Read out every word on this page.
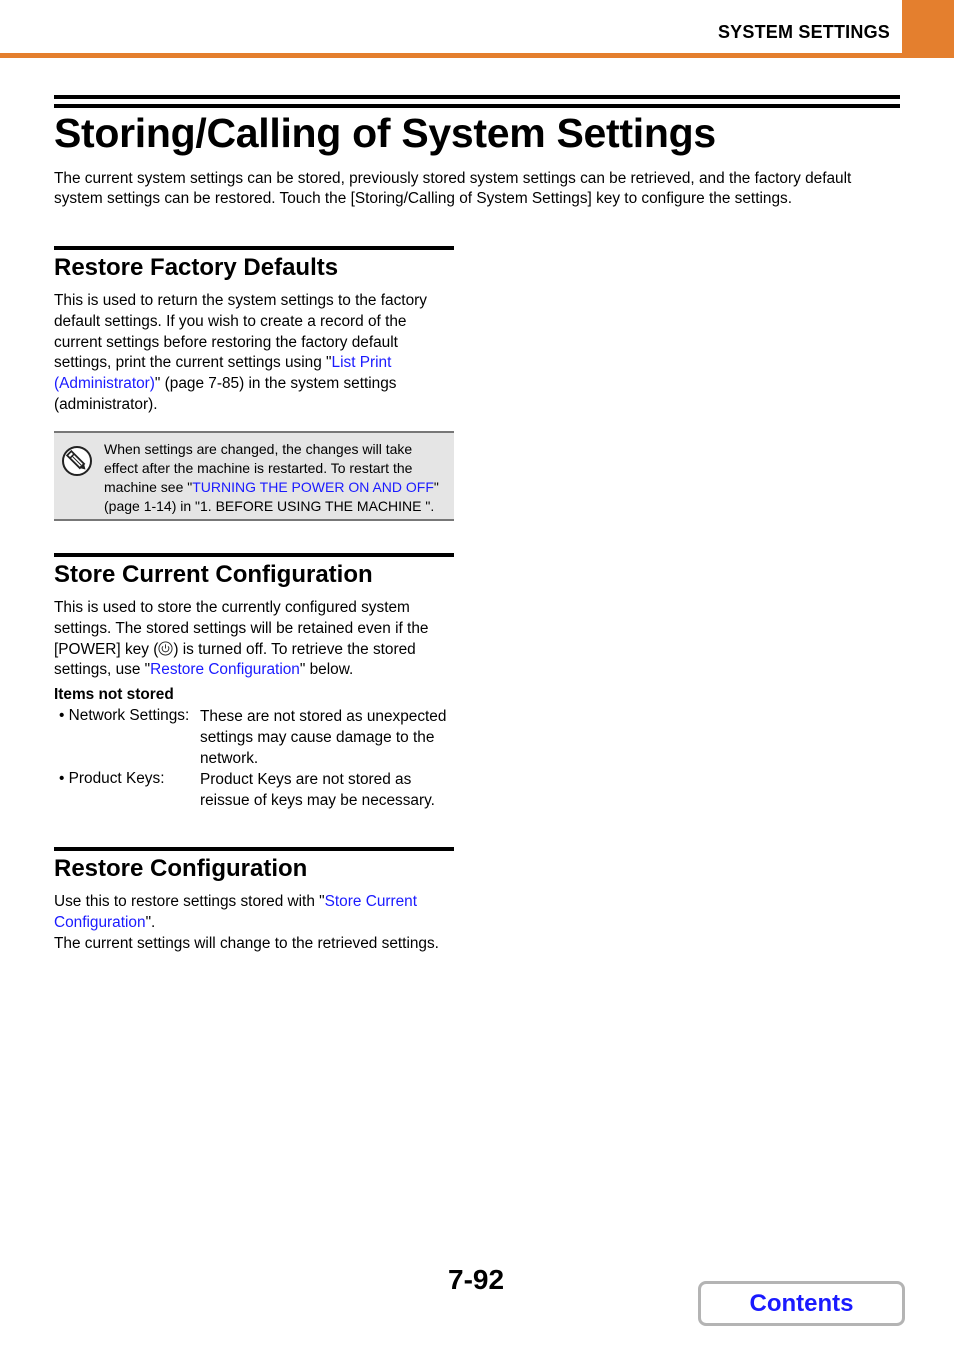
SYSTEM SETTINGS
Storing/Calling of System Settings

The current system settings can be stored, previously stored system settings can be retrieved, and the factory default system settings can be restored. Touch the [Storing/Calling of System Settings] key to configure the settings.

Restore Factory Defaults

This is used to return the system settings to the factory default settings. If you wish to create a record of the current settings before restoring the factory default settings, print the current settings using "List Print (Administrator)" (page 7-85) in the system settings (administrator).

When settings are changed, the changes will take effect after the machine is restarted. To restart the machine see "TURNING THE POWER ON AND OFF" (page 1-14) in "1. BEFORE USING THE MACHINE ".

Store Current Configuration

This is used to store the currently configured system settings. The stored settings will be retained even if the [POWER] key ( ) is turned off. To retrieve the stored settings, use "Restore Configuration" below.

Items not stored
• Network Settings: These are not stored as unexpected settings may cause damage to the network.

• Product Keys: Product Keys are not stored as reissue of keys may be necessary.

Restore Configuration

Use this to restore settings stored with "Store Current Configuration".
The current settings will change to the retrieved settings.

7-92
Contents
